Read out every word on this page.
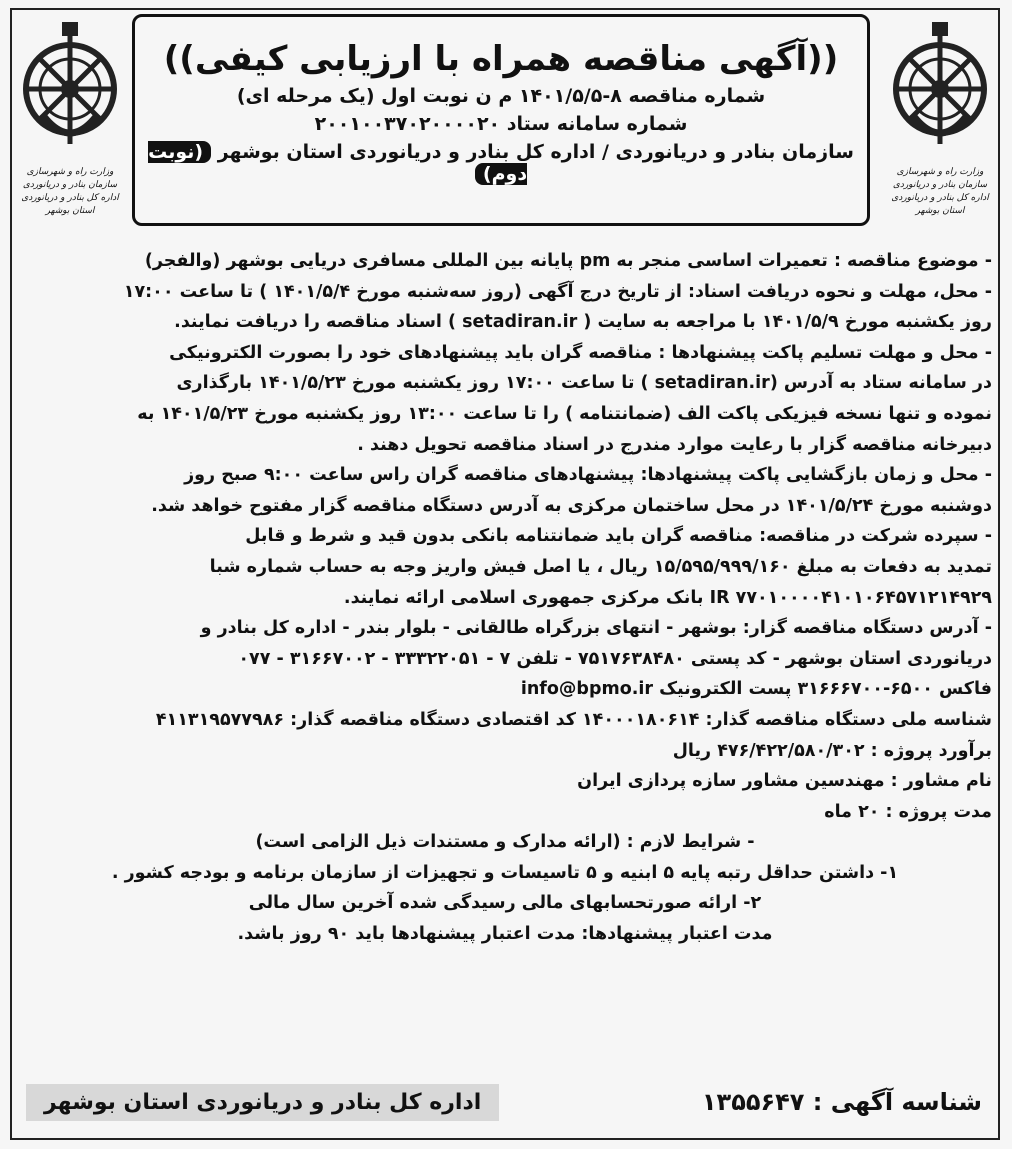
وزارت راه و شهرسازی
سازمان بنادر و دریانوردی
اداره کل بنادر و دریانوردی استان بوشهر
وزارت راه و شهرسازی
سازمان بنادر و دریانوردی
اداره کل بنادر و دریانوردی استان بوشهر
((آگهی مناقصه همراه با ارزیابی کیفی))
شماره مناقصه ۸-۱۴۰۱/۵/۵ م ن نوبت اول (یک مرحله ای)
شماره سامانه ستاد ۲۰۰۱۰۰۳۷۰۲۰۰۰۰۲۰
سازمان بنادر و دریانوردی / اداره کل بنادر و دریانوردی استان بوشهر (نوبت دوم)

- موضوع مناقصه : تعمیرات اساسی منجر به pm پایانه بین المللی مسافری دریایی بوشهر (والفجر)

- محل، مهلت و نحوه دریافت اسناد: از تاریخ درج آگهی (روز سه‌شنبه مورخ ۱۴۰۱/۵/۴ ) تا ساعت ۱۷:۰۰

روز یکشنبه مورخ ۱۴۰۱/۵/۹ با مراجعه به سایت ( setadiran.ir ) اسناد مناقصه را دریافت نمایند.

- محل و مهلت تسلیم پاکت پیشنهادها : مناقصه گران باید پیشنهادهای خود را بصورت الکترونیکی

در سامانه ستاد به آدرس (setadiran.ir ) تا ساعت ۱۷:۰۰ روز یکشنبه مورخ ۱۴۰۱/۵/۲۳ بارگذاری

نموده و تنها نسخه فیزیکی پاکت الف (ضمانتنامه ) را تا ساعت ۱۳:۰۰ روز یکشنبه مورخ ۱۴۰۱/۵/۲۳ به

دبیرخانه مناقصه گزار با رعایت موارد مندرج در اسناد مناقصه تحویل دهند .

- محل و زمان بازگشایی پاکت پیشنهادها: پیشنهادهای مناقصه گران راس ساعت ۹:۰۰ صبح روز

دوشنبه مورخ ۱۴۰۱/۵/۲۴ در محل ساختمان مرکزی به آدرس دستگاه مناقصه گزار مفتوح خواهد شد.

- سپرده شرکت در مناقصه: مناقصه گران باید ضمانتنامه بانکی بدون قید و شرط و قابل

تمدید به دفعات به مبلغ ۱۵/۵۹۵/۹۹۹/۱۶۰ ریال ، یا اصل فیش واریز وجه به حساب شماره شبا

IR ۷۷۰۱۰۰۰۰۴۱۰۱۰۶۴۵۷۱۲۱۴۹۲۹ بانک مرکزی جمهوری اسلامی ارائه نمایند.

- آدرس دستگاه مناقصه گزار: بوشهر - انتهای بزرگراه طالقانی - بلوار بندر - اداره کل بنادر و

دریانوردی استان بوشهر - کد پستی ۷۵۱۷۶۳۸۴۸۰ - تلفن ۷ - ۳۳۳۲۲۰۵۱ - ۳۱۶۶۷۰۰۲ - ۰۷۷

فاکس ۶۵۰۰-۳۱۶۶۶۷۰۰ پست الکترونیک info@bpmo.ir

شناسه ملی دستگاه مناقصه گذار: ۱۴۰۰۰۱۸۰۶۱۴ کد اقتصادی دستگاه مناقصه گذار: ۴۱۱۳۱۹۵۷۷۹۸۶

برآورد پروژه : ۴۷۶/۴۲۲/۵۸۰/۳۰۲ ریال

نام مشاور : مهندسین مشاور سازه پردازی ایران

مدت پروژه : ۲۰ ماه

- شرایط لازم : (ارائه مدارک و مستندات ذیل الزامی است)

۱- داشتن حداقل رتبه پایه ۵ ابنیه و ۵ تاسیسات و تجهیزات از سازمان برنامه و بودجه کشور .

۲- ارائه صورتحسابهای مالی رسیدگی شده آخرین سال مالی

مدت اعتبار پیشنهادها: مدت اعتبار پیشنهادها باید ۹۰ روز باشد.

شناسه آگهی : ۱۳۵۵۶۴۷
اداره کل بنادر و دریانوردی استان بوشهر
